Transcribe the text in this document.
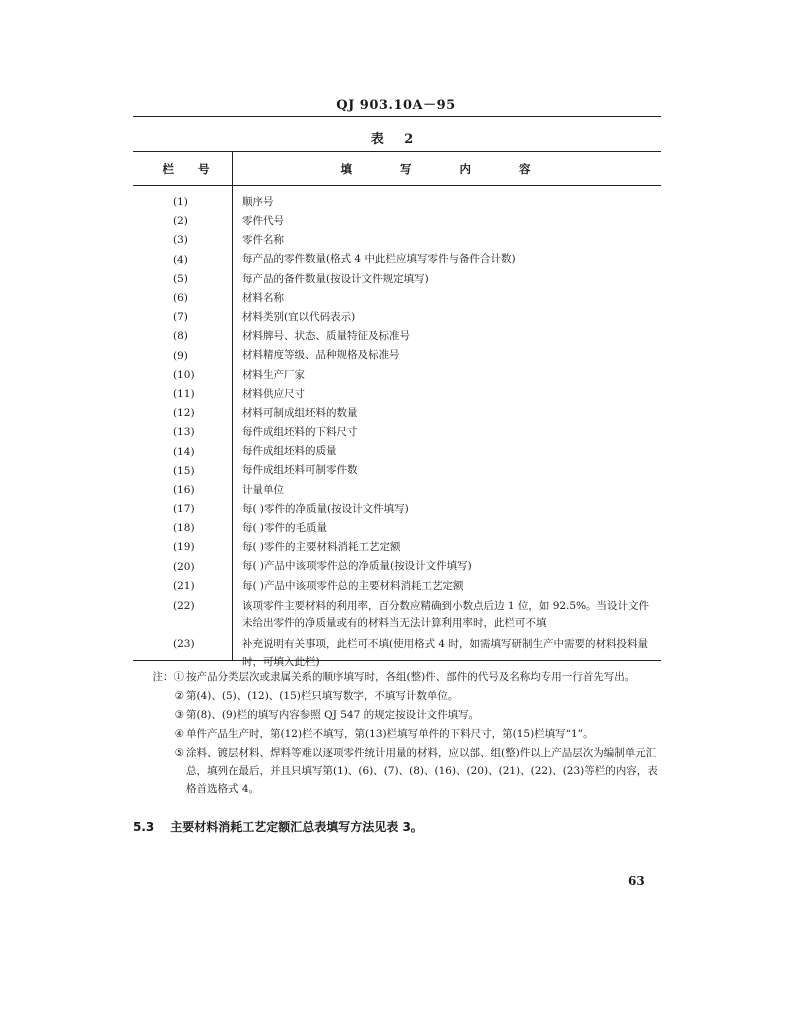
QJ 903.10A－95
表 2
栏 号	填 写 内 容
(1)	顺序号
(2)	零件代号
(3)	零件名称
(4)	每产品的零件数量(格式 4 中此栏应填写零件与备件合计数)
(5)	每产品的备件数量(按设计文件规定填写)
(6)	材料名称
(7)	材料类别(宜以代码表示)
(8)	材料牌号、状态、质量特征及标准号
(9)	材料精度等级、品种规格及标准号
(10)	材料生产厂家
(11)	材料供应尺寸
(12)	材料可制成组坯料的数量
(13)	每件成组坯料的下料尺寸
(14)	每件成组坯料的质量
(15)	每件成组坯料可制零件数
(16)	计量单位
(17)	每( )零件的净质量(按设计文件填写)
(18)	每( )零件的毛质量
(19)	每( )零件的主要材料消耗工艺定额
(20)	每( )产品中该项零件总的净质量(按设计文件填写)
(21)	每( )产品中该项零件总的主要材料消耗工艺定额
(22)	该项零件主要材料的利用率，百分数应精确到小数点后边 1 位，如 92.5%。当设计文件未给出零件的净质量或有的材料当无法计算利用率时，此栏可不填
(23)	补充说明有关事项，此栏可不填(使用格式 4 时，如需填写研制生产中需要的材料投料量时，可填入此栏)
注：① 按产品分类层次或隶属关系的顺序填写时，各组(整)件、部件的代号及名称均专用一行首先写出。
② 第(4)、(5)、(12)、(15)栏只填写数字，不填写计数单位。
③ 第(8)、(9)栏的填写内容参照 QJ 547 的规定按设计文件填写。
④ 单件产品生产时，第(12)栏不填写，第(13)栏填写单件的下料尺寸，第(15)栏填写“1”。
⑤ 涂料、镀层材料、焊料等难以逐项零件统计用量的材料，应以部、组(整)件以上产品层次为编制单元汇总，填列在最后，并且只填写第(1)、(6)、(7)、(8)、(16)、(20)、(21)、(22)、(23)等栏的内容，表格首选格式 4。
5.3 主要材料消耗工艺定额汇总表填写方法见表 3。
63
